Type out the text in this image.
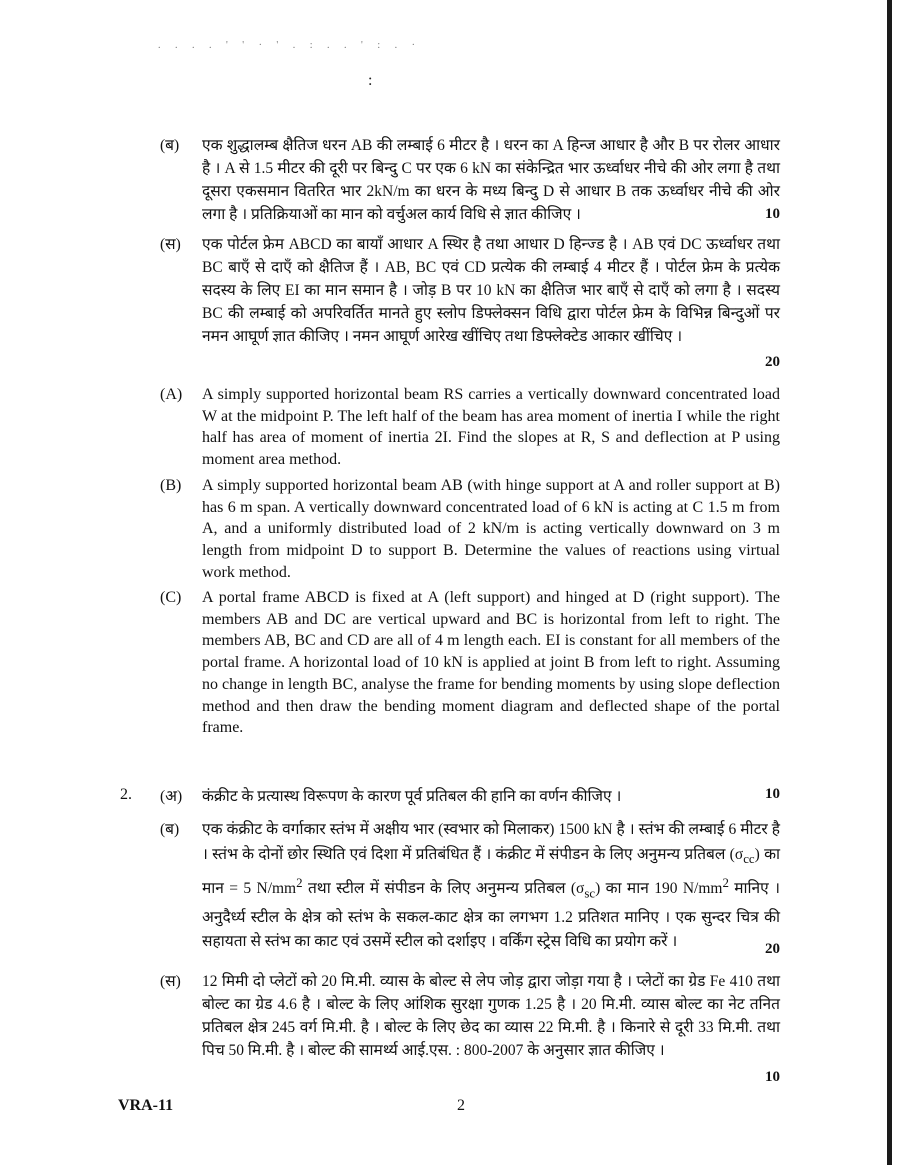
. . . . ' ' · ' . : . . ' : . ·
:
(ब) एक शुद्धालम्ब क्षैतिज धरन AB की लम्बाई 6 मीटर है । धरन का A हिन्ज आधार है और B पर रोलर आधार है । A से 1.5 मीटर की दूरी पर बिन्दु C पर एक 6 kN का संकेन्द्रित भार ऊर्ध्वाधर नीचे की ओर लगा है तथा दूसरा एकसमान वितरित भार 2kN/m का धरन के मध्य बिन्दु D से आधार B तक ऊर्ध्वाधर नीचे की ओर लगा है । प्रतिक्रियाओं का मान को वर्चुअल कार्य विधि से ज्ञात कीजिए ।	10
(स) एक पोर्टल फ्रेम ABCD का बायाँ आधार A स्थिर है तथा आधार D हिन्ज्ड है । AB एवं DC ऊर्ध्वाधर तथा BC बाएँ से दाएँ को क्षैतिज हैं । AB, BC एवं CD प्रत्येक की लम्बाई 4 मीटर हैं । पोर्टल फ्रेम के प्रत्येक सदस्य के लिए EI का मान समान है । जोड़ B पर 10 kN का क्षैतिज भार बाएँ से दाएँ को लगा है । सदस्य BC की लम्बाई को अपरिवर्तित मानते हुए स्लोप डिफ्लेक्सन विधि द्वारा पोर्टल फ्रेम के विभिन्न बिन्दुओं पर नमन आघूर्ण ज्ञात कीजिए । नमन आघूर्ण आरेख खींचिए तथा डिफ्लेक्टेड आकार खींचिए ।
20
(A) A simply supported horizontal beam RS carries a vertically downward concentrated load W at the midpoint P. The left half of the beam has area moment of inertia I while the right half has area of moment of inertia 2I. Find the slopes at R, S and deflection at P using moment area method.
(B) A simply supported horizontal beam AB (with hinge support at A and roller support at B) has 6 m span. A vertically downward concentrated load of 6 kN is acting at C 1.5 m from A, and a uniformly distributed load of 2 kN/m is acting vertically downward on 3 m length from midpoint D to support B. Determine the values of reactions using virtual work method.
(C) A portal frame ABCD is fixed at A (left support) and hinged at D (right support). The members AB and DC are vertical upward and BC is horizontal from left to right. The members AB, BC and CD are all of 4 m length each. EI is constant for all members of the portal frame. A horizontal load of 10 kN is applied at joint B from left to right. Assuming no change in length BC, analyse the frame for bending moments by using slope deflection method and then draw the bending moment diagram and deflected shape of the portal frame.
2. (अ) कंक्रीट के प्रत्यास्थ विरूपण के कारण पूर्व प्रतिबल की हानि का वर्णन कीजिए ।	10
(ब) एक कंक्रीट के वर्गाकार स्तंभ में अक्षीय भार (स्वभार को मिलाकर) 1500 kN है । स्तंभ की लम्बाई 6 मीटर है । स्तंभ के दोनों छोर स्थिति एवं दिशा में प्रतिबंधित हैं । कंक्रीट में संपीडन के लिए अनुमन्य प्रतिबल $(\sigma_{cc})$ का मान = 5 $N/mm^2$ तथा स्टील में संपीडन के लिए अनुमन्य प्रतिबल $(\sigma_{sc})$ का मान 190 $N/mm^2$ मानिए । अनुदैर्ध्य स्टील के क्षेत्र को स्तंभ के सकल-काट क्षेत्र का लगभग 1.2 प्रतिशत मानिए । एक सुन्दर चित्र की सहायता से स्तंभ का काट एवं उसमें स्टील को दर्शाइए । वर्किंग स्ट्रेस विधि का प्रयोग करें ।	20
(स) 12 मिमी दो प्लेटों को 20 मि.मी. व्यास के बोल्ट से लेप जोड़ द्वारा जोड़ा गया है । प्लेटों का ग्रेड Fe 410 तथा बोल्ट का ग्रेड 4.6 है । बोल्ट के लिए आंशिक सुरक्षा गुणक 1.25 है । 20 मि.मी. व्यास बोल्ट का नेट तनित प्रतिबल क्षेत्र 245 वर्ग मि.मी. है । बोल्ट के लिए छेद का व्यास 22 मि.मी. है । किनारे से दूरी 33 मि.मी. तथा पिच 50 मि.मी. है । बोल्ट की सामर्थ्य आई.एस. : 800-2007 के अनुसार ज्ञात कीजिए ।
10
VRA-11	2
